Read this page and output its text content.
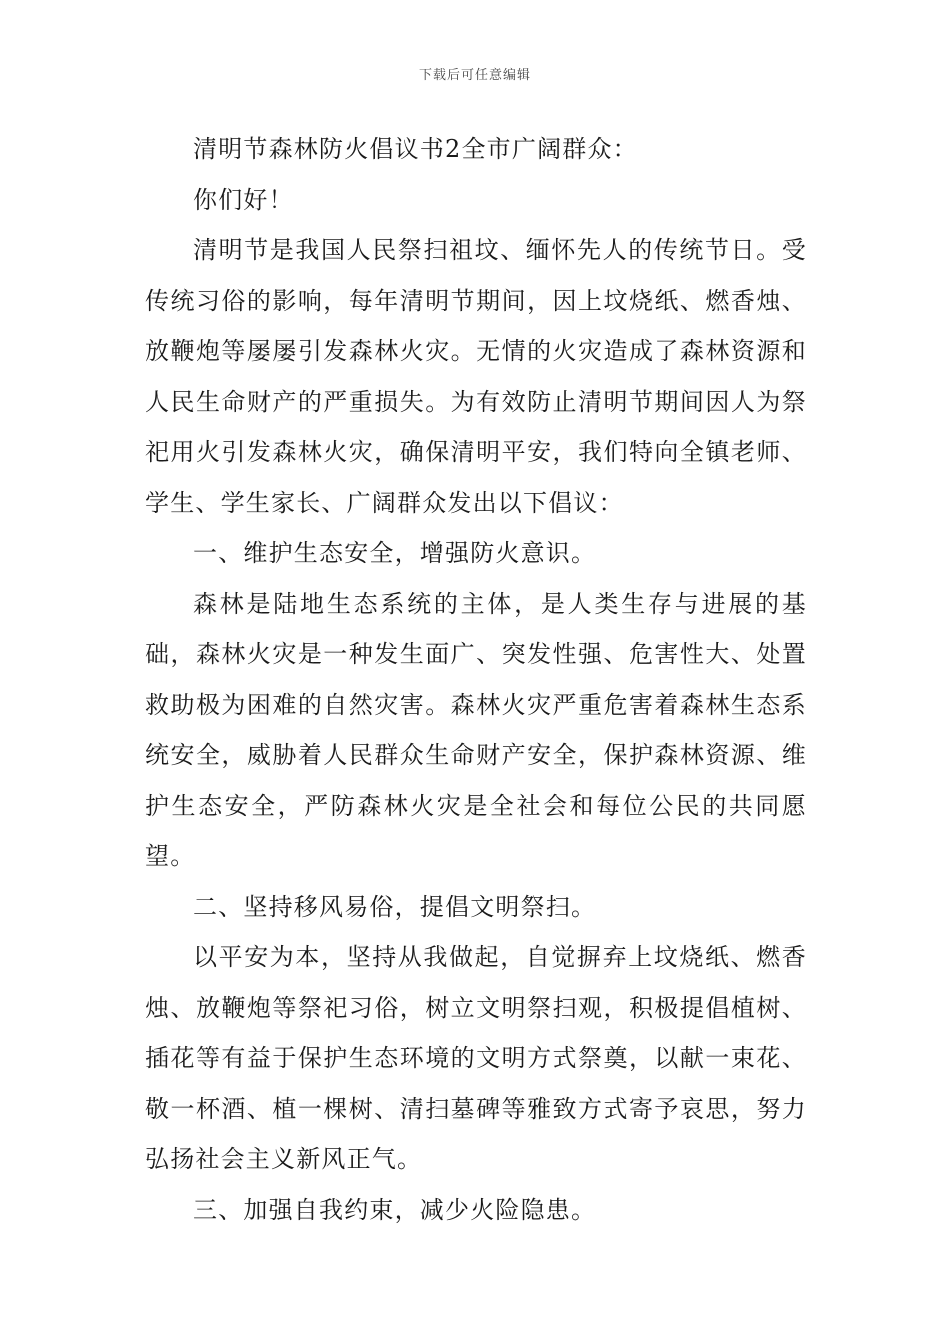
下载后可任意编辑

清明节森林防火倡议书2全市广阔群众：

你们好！

清明节是我国人民祭扫祖坟、缅怀先人的传统节日。受传统习俗的影响，每年清明节期间，因上坟烧纸、燃香烛、放鞭炮等屡屡引发森林火灾。无情的火灾造成了森林资源和人民生命财产的严重损失。为有效防止清明节期间因人为祭祀用火引发森林火灾，确保清明平安，我们特向全镇老师、学生、学生家长、广阔群众发出以下倡议：

一、维护生态安全，增强防火意识。

森林是陆地生态系统的主体，是人类生存与进展的基础，森林火灾是一种发生面广、突发性强、危害性大、处置救助极为困难的自然灾害。森林火灾严重危害着森林生态系统安全，威胁着人民群众生命财产安全，保护森林资源、维护生态安全，严防森林火灾是全社会和每位公民的共同愿望。

二、坚持移风易俗，提倡文明祭扫。

以平安为本，坚持从我做起，自觉摒弃上坟烧纸、燃香烛、放鞭炮等祭祀习俗，树立文明祭扫观，积极提倡植树、插花等有益于保护生态环境的文明方式祭奠，以献一束花、敬一杯酒、植一棵树、清扫墓碑等雅致方式寄予哀思，努力弘扬社会主义新风正气。

三、加强自我约束，减少火险隐患。
